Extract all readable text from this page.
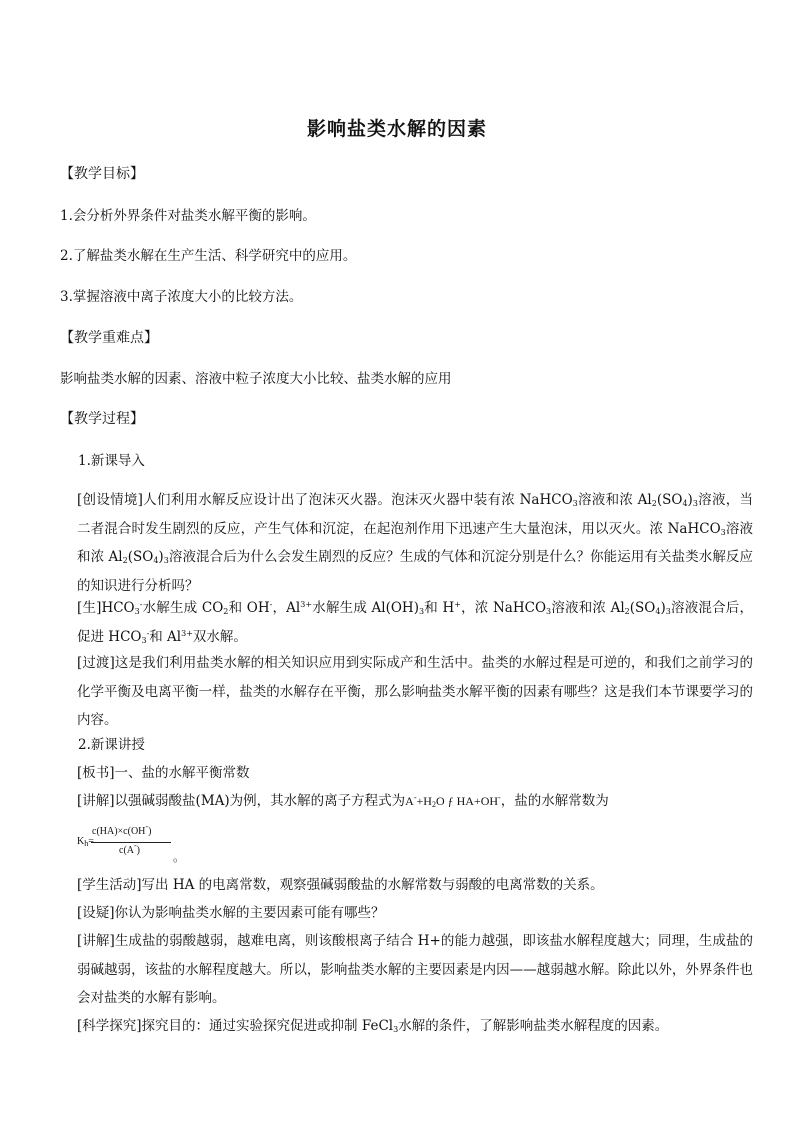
影响盐类水解的因素
【教学目标】
1.会分析外界条件对盐类水解平衡的影响。
2.了解盐类水解在生产生活、科学研究中的应用。
3.掌握溶液中离子浓度大小的比较方法。
【教学重难点】
影响盐类水解的因素、溶液中粒子浓度大小比较、盐类水解的应用
【教学过程】
1.新课导入
[创设情境]人们利用水解反应设计出了泡沫灭火器。泡沫灭火器中装有浓 NaHCO$_3$溶液和浓 $Al_2(SO_4)_3$溶液，当二者混合时发生剧烈的反应，产生气体和沉淀，在起泡剂作用下迅速产生大量泡沫，用以灭火。浓 NaHCO$_3$溶液和浓 $Al_2(SO_4)_3$溶液混合后为什么会发生剧烈的反应？生成的气体和沉淀分别是什么？你能运用有关盐类水解反应的知识进行分析吗？
[生]$HCO_3^-$水解生成 $CO_2$和 OH-，$Al^{3+}$水解生成 $Al(OH)_3$和 H+，浓 NaHCO$_3$溶液和浓 $Al_2(SO_4)_3$溶液混合后，促进 $HCO_3^-$和 $Al^{3+}$双水解。
[过渡]这是我们利用盐类水解的相关知识应用到实际成产和生活中。盐类的水解过程是可逆的，和我们之前学习的化学平衡及电离平衡一样，盐类的水解存在平衡，那么影响盐类水解平衡的因素有哪些？这是我们本节课要学习的内容。
2.新课讲授
[板书]一、盐的水解平衡常数
[讲解]以强碱弱酸盐(MA)为例，其水解的离子方程式为$A^-+H_2O$ ƒ HA+OH-，盐的水解常数为
$K_h=$
c(HA)×c(OH-)
c(A-)	。
[学生活动]写出 HA 的电离常数，观察强碱弱酸盐的水解常数与弱酸的电离常数的关系。
[设疑]你认为影响盐类水解的主要因素可能有哪些？
[讲解]生成盐的弱酸越弱，越难电离，则该酸根离子结合 H+的能力越强，即该盐水解程度越大；同理，生成盐的弱碱越弱，该盐的水解程度越大。所以，影响盐类水解的主要因素是内因——越弱越水解。除此以外，外界条件也会对盐类的水解有影响。
[科学探究]探究目的：通过实验探究促进或抑制 FeCl$_3$水解的条件，了解影响盐类水解程度的因素。
